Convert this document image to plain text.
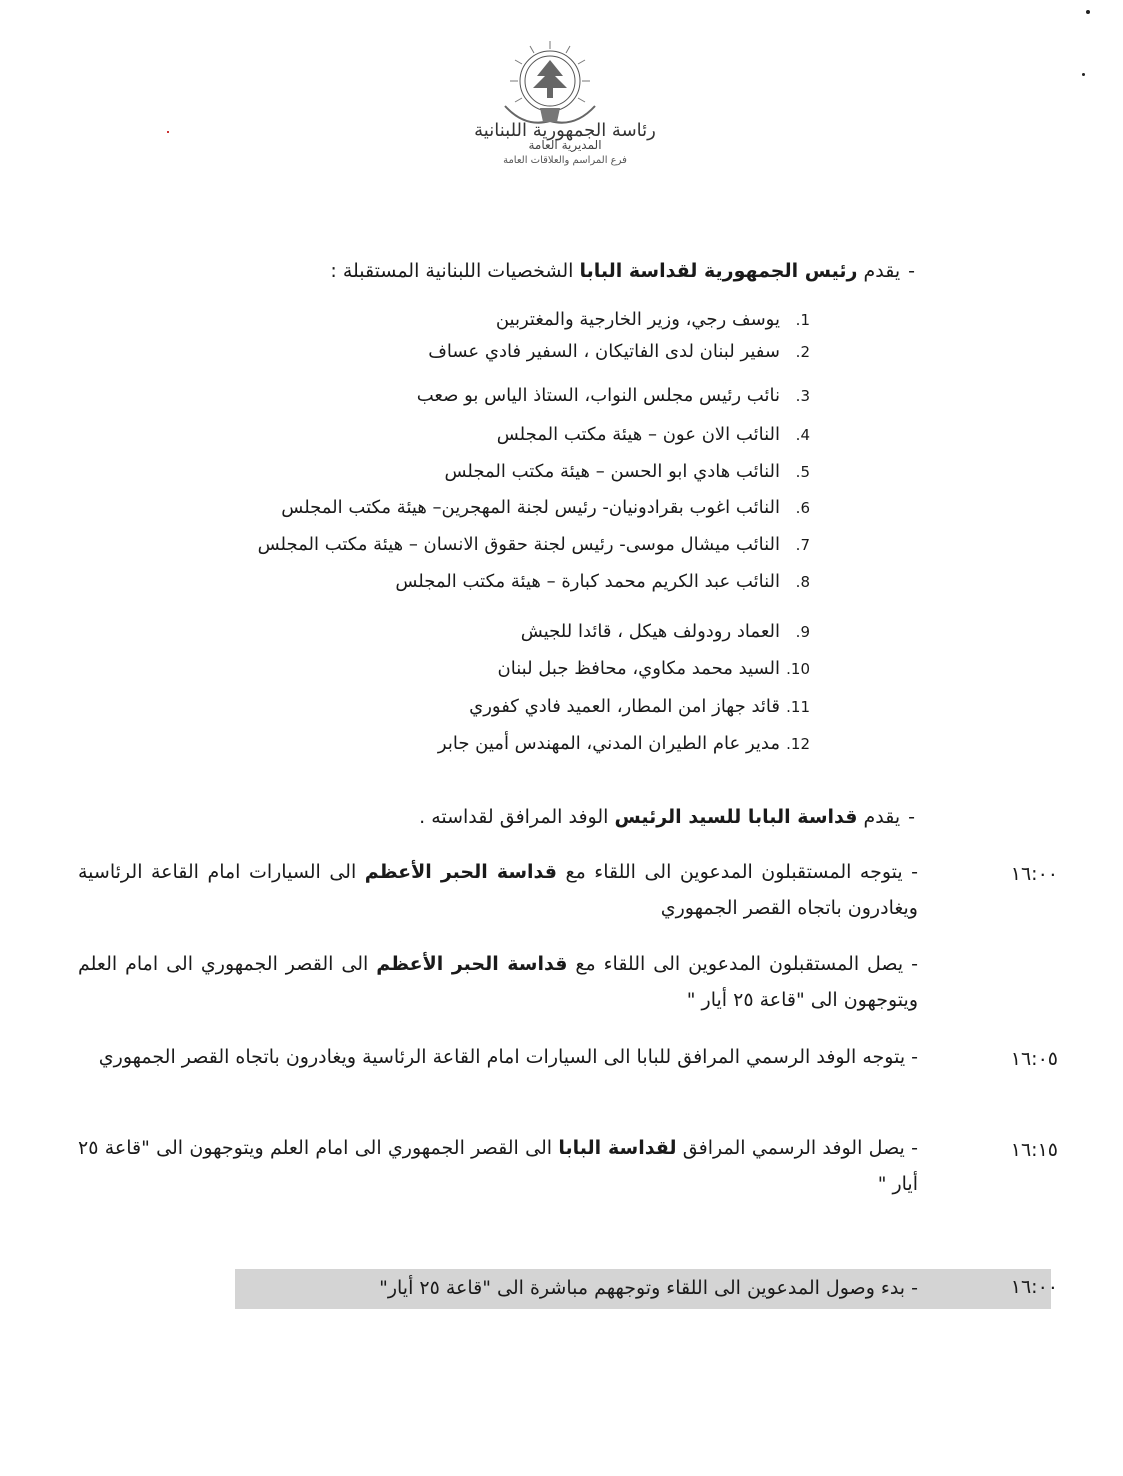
رئاسة الجمهورية اللبنانية
المديرية العامة
فرع المراسم والعلاقات العامة
-يقدم رئيس الجمهورية لقداسة البابا الشخصيات اللبنانية المستقبلة :
1.يوسف رجي، وزير الخارجية والمغتربين
2.سفير لبنان لدى الفاتيكان ، السفير فادي عساف
3.نائب رئيس مجلس النواب، الستاذ الياس بو صعب
4.النائب الان عون – هيئة مكتب المجلس
5.النائب هادي ابو الحسن – هيئة مكتب المجلس
6.النائب اغوب بقرادونيان- رئيس لجنة المهجرين– هيئة مكتب المجلس
7.النائب ميشال موسى- رئيس لجنة حقوق الانسان – هيئة مكتب المجلس
8.النائب عبد الكريم محمد كبارة – هيئة مكتب المجلس
9.العماد رودولف هيكل ، قائدا للجيش
10.السيد محمد مكاوي، محافظ جبل لبنان
11.قائد جهاز امن المطار، العميد فادي كفوري
12.مدير عام الطيران المدني، المهندس أمين جابر
-يقدم قداسة البابا للسيد الرئيس الوفد المرافق لقداسته .
١٦:٠٠
- يتوجه المستقبلون المدعوين الى اللقاء مع قداسة الحبر الأعظم الى السيارات امام القاعة الرئاسية ويغادرون باتجاه القصر الجمهوري
- يصل المستقبلون المدعوين الى اللقاء مع قداسة الحبر الأعظم الى القصر الجمهوري الى امام العلم ويتوجهون الى "قاعة ٢٥ أيار "
١٦:٠٥
- يتوجه الوفد الرسمي المرافق للبابا الى السيارات امام القاعة الرئاسية ويغادرون باتجاه القصر الجمهوري
١٦:١٥
- يصل الوفد الرسمي المرافق لقداسة البابا الى القصر الجمهوري الى امام العلم ويتوجهون الى "قاعة ٢٥ أيار "
١٦:٠٠
- بدء وصول المدعوين الى اللقاء وتوجههم مباشرة الى "قاعة ٢٥ أيار"
